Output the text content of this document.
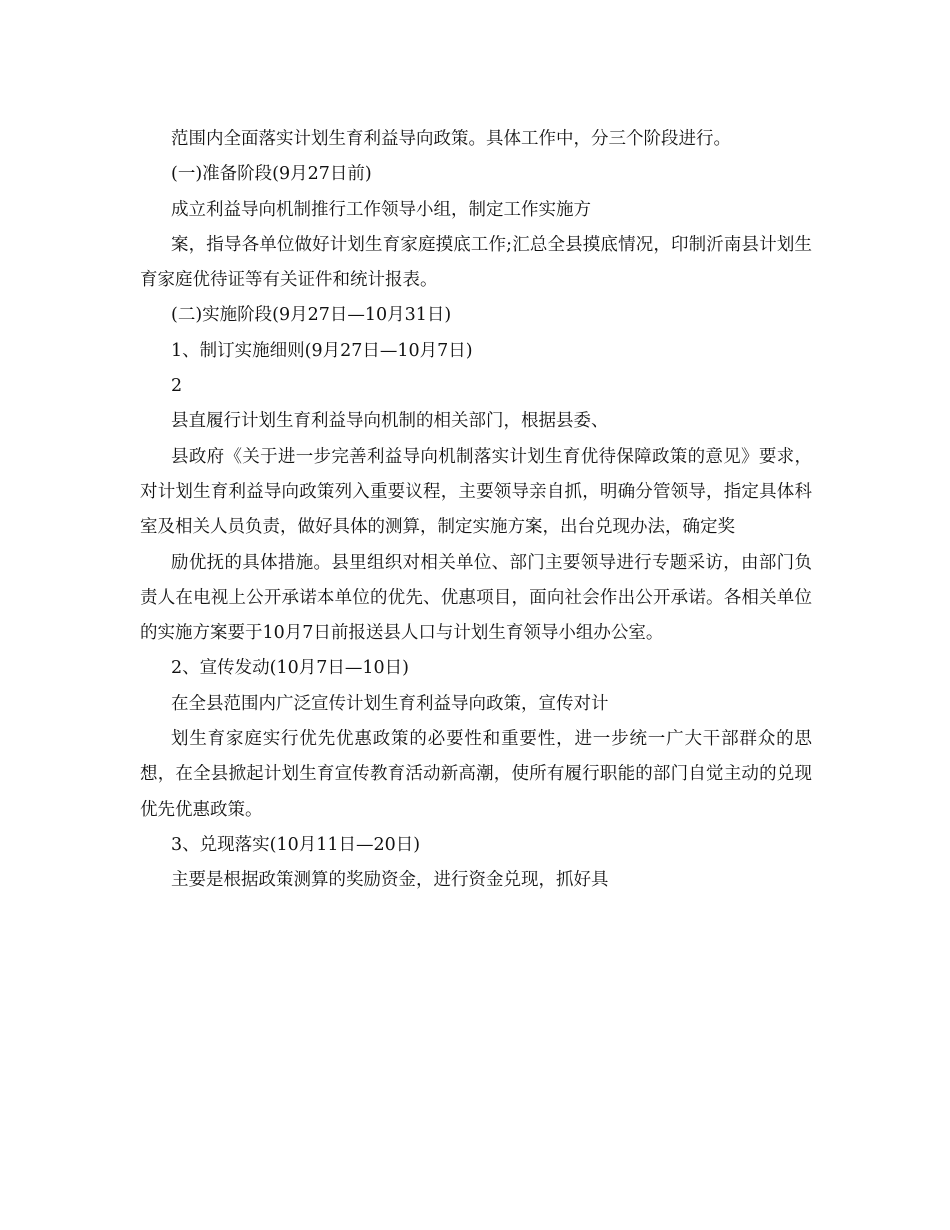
范围内全面落实计划生育利益导向政策。具体工作中，分三个阶段进行。

(一)准备阶段(9月27日前)

成立利益导向机制推行工作领导小组，制定工作实施方

案，指导各单位做好计划生育家庭摸底工作;汇总全县摸底情况，印制沂南县计划生育家庭优待证等有关证件和统计报表。

(二)实施阶段(9月27日—10月31日)

1、制订实施细则(9月27日—10月7日)

2

县直履行计划生育利益导向机制的相关部门，根据县委、

县政府《关于进一步完善利益导向机制落实计划生育优待保障政策的意见》要求，对计划生育利益导向政策列入重要议程，主要领导亲自抓，明确分管领导，指定具体科室及相关人员负责，做好具体的测算，制定实施方案，出台兑现办法，确定奖

励优抚的具体措施。县里组织对相关单位、部门主要领导进行专题采访，由部门负责人在电视上公开承诺本单位的优先、优惠项目，面向社会作出公开承诺。各相关单位的实施方案要于10月7日前报送县人口与计划生育领导小组办公室。

2、宣传发动(10月7日—10日)

在全县范围内广泛宣传计划生育利益导向政策，宣传对计

划生育家庭实行优先优惠政策的必要性和重要性，进一步统一广大干部群众的思想，在全县掀起计划生育宣传教育活动新高潮，使所有履行职能的部门自觉主动的兑现优先优惠政策。

3、兑现落实(10月11日—20日)

主要是根据政策测算的奖励资金，进行资金兑现，抓好具
